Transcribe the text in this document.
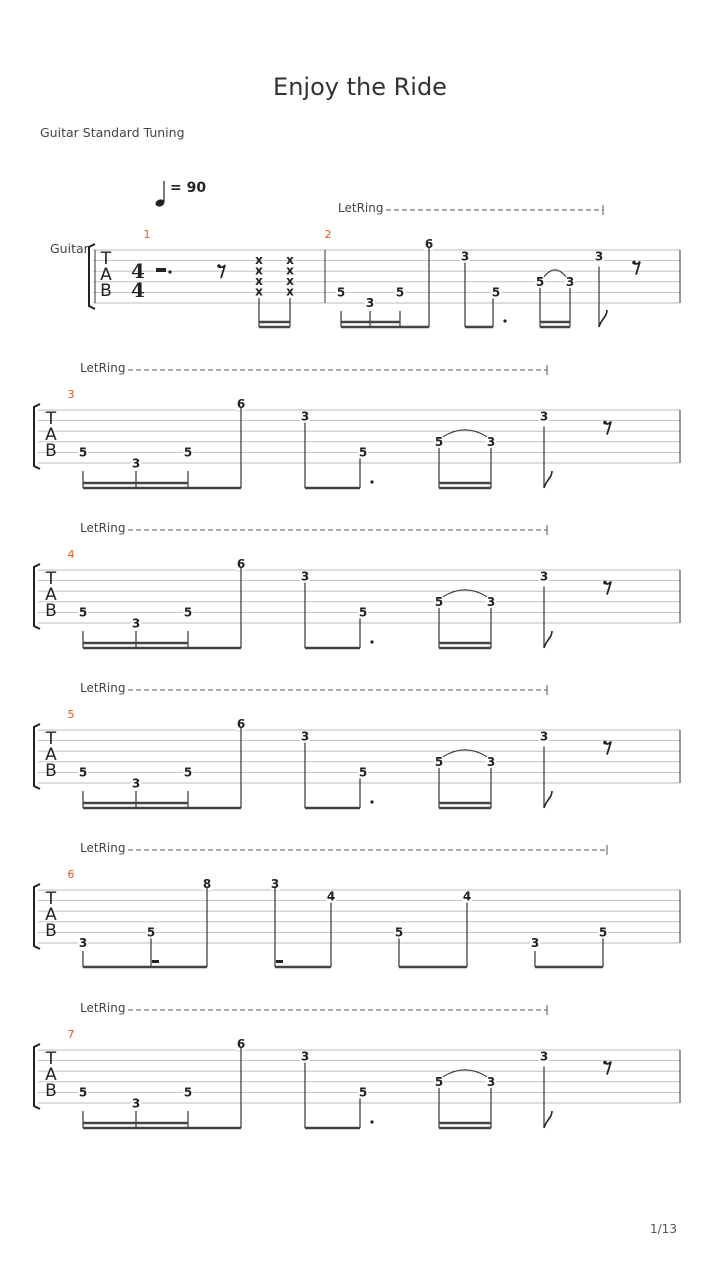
Enjoy the Ride
Guitar Standard Tuning
= 90
Guitar
1/13
T
A
B
1	2
4
4
x
x
x
x
x
x
x
x
LetRing
5
3
5
6
3
5
5 3
3
T
A
B
LetRing
3
5
3
5
6
3
5
5	3
3
T
A
B
LetRing
4
5
3
5
6
3
5
5	3
3
T
A
B
LetRing
5
5
3
5
6
3
5
5	3
3
T
A
B
LetRing
7
5
3
5
6
3
5
5	3
3
T
A
B
LetRing
6
3
5
8	3
4
5
4
3
5
